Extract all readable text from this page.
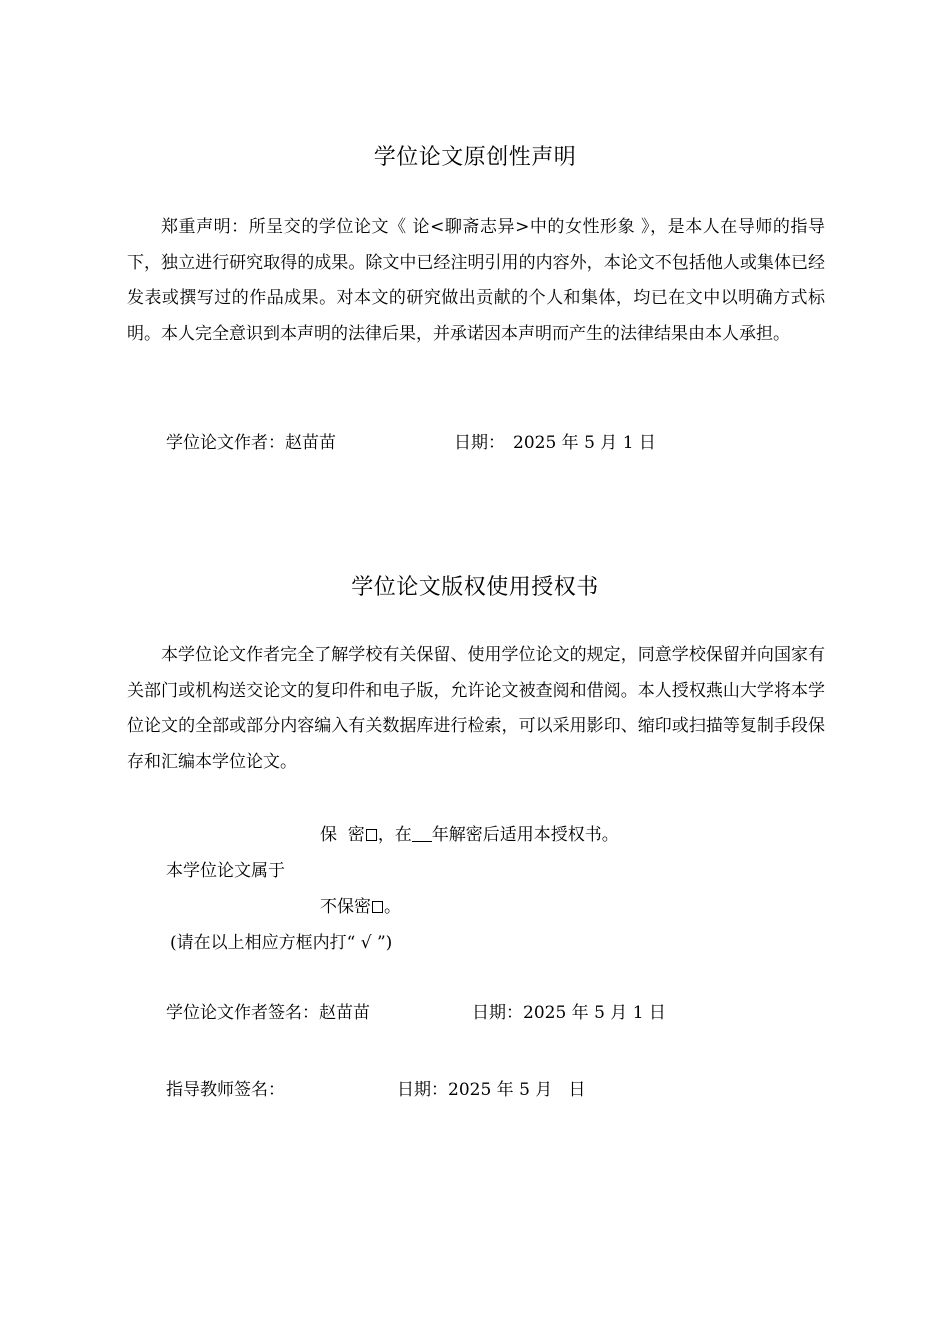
学位论文原创性声明

郑重声明：所呈交的学位论文《 论<聊斋志异>中的女性形象 》，是本人在导师的指导下，独立进行研究取得的成果。除文中已经注明引用的内容外，本论文不包括他人或集体已经发表或撰写过的作品成果。对本文的研究做出贡献的个人和集体，均已在文中以明确方式标明。本人完全意识到本声明的法律后果，并承诺因本声明而产生的法律结果由本人承担。

学位论文作者：赵苗苗	日期： 2025 年 5 月 1 日
学位论文版权使用授权书

本学位论文作者完全了解学校有关保留、使用学位论文的规定，同意学校保留并向国家有关部门或机构送交论文的复印件和电子版，允许论文被查阅和借阅。本人授权燕山大学将本学位论文的全部或部分内容编入有关数据库进行检索，可以采用影印、缩印或扫描等复制手段保存和汇编本学位论文。

保  密 ，在 年解密后适用本授权书。
本学位论文属于
不保密 。
(请在以上相应方框内打“ √ ”)
学位论文作者签名：赵苗苗	日期：2025 年 5 月 1 日
指导教师签名：	日期：2025 年 5 月   日
